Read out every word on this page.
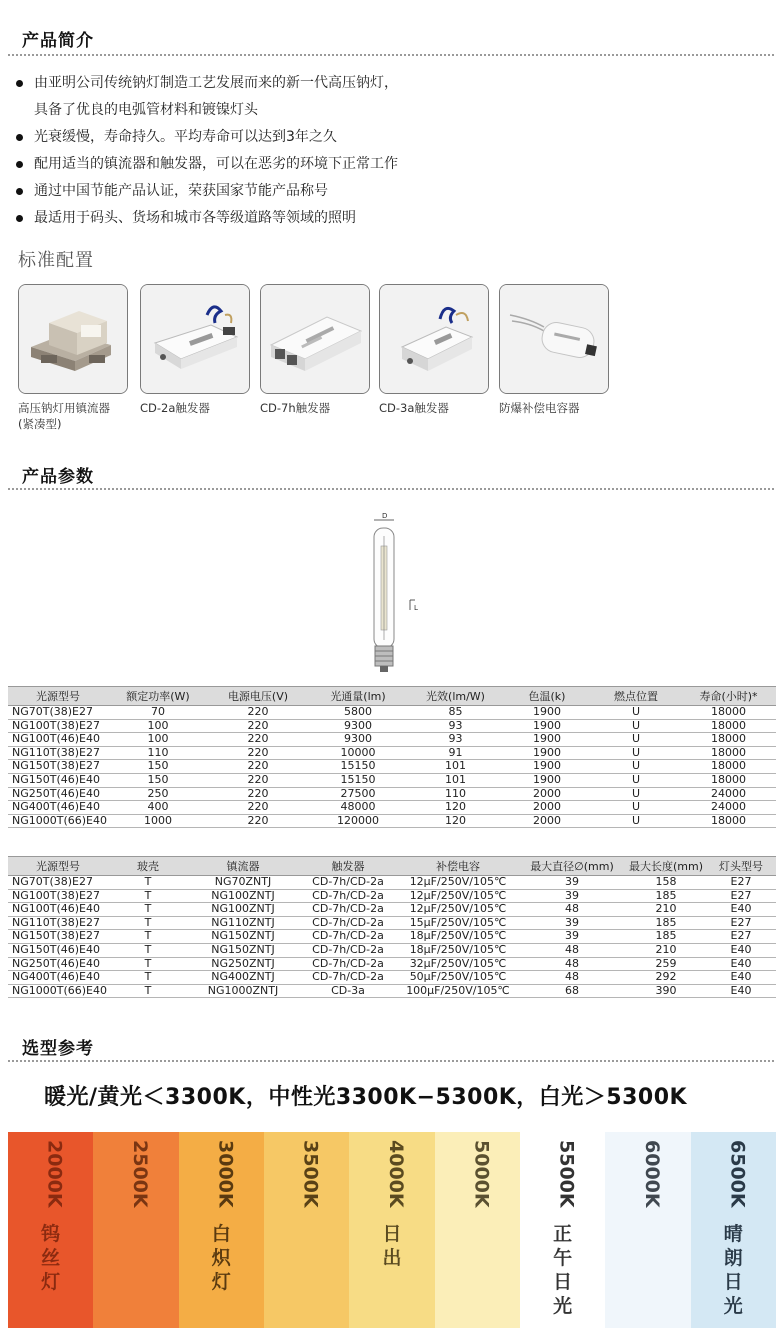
产品简介
由亚明公司传统钠灯制造工艺发展而来的新一代高压钠灯，
具备了优良的电弧管材料和镀镍灯头
光衰缓慢，寿命持久。平均寿命可以达到3年之久
配用适当的镇流器和触发器，可以在恶劣的环境下正常工作
通过中国节能产品认证，荣获国家节能产品称号
最适用于码头、货场和城市各等级道路等领域的照明
标准配置
高压钠灯用镇流器
(紧凑型)
CD-2a触发器	CD-7h触发器	CD-3a触发器	防爆补偿电容器
产品参数
D
L
光源型号	额定功率(W)	电源电压(V)	光通量(lm)	光效(lm/W)	色温(k)	燃点位置	寿命(小时)*
NG70T(38)E27	70	220	5800	85	1900	U	18000
NG100T(38)E27	100	220	9300	93	1900	U	18000
NG100T(46)E40	100	220	9300	93	1900	U	18000
NG110T(38)E27	110	220	10000	91	1900	U	18000
NG150T(38)E27	150	220	15150	101	1900	U	18000
NG150T(46)E40	150	220	15150	101	1900	U	18000
NG250T(46)E40	250	220	27500	110	2000	U	24000
NG400T(46)E40	400	220	48000	120	2000	U	24000
NG1000T(66)E40	1000	220	120000	120	2000	U	18000
光源型号	玻壳	镇流器	触发器	补偿电容	最大直径∅(mm)	最大长度(mm)	灯头型号
NG70T(38)E27	T	NG70ZNTJ	CD-7h/CD-2a	12μF/250V/105℃	39	158	E27
NG100T(38)E27	T	NG100ZNTJ	CD-7h/CD-2a	12μF/250V/105℃	39	185	E27
NG100T(46)E40	T	NG100ZNTJ	CD-7h/CD-2a	12μF/250V/105℃	48	210	E40
NG110T(38)E27	T	NG110ZNTJ	CD-7h/CD-2a	15μF/250V/105℃	39	185	E27
NG150T(38)E27	T	NG150ZNTJ	CD-7h/CD-2a	18μF/250V/105℃	39	185	E27
NG150T(46)E40	T	NG150ZNTJ	CD-7h/CD-2a	18μF/250V/105℃	48	210	E40
NG250T(46)E40	T	NG250ZNTJ	CD-7h/CD-2a	32μF/250V/105℃	48	259	E40
NG400T(46)E40	T	NG400ZNTJ	CD-7h/CD-2a	50μF/250V/105℃	48	292	E40
NG1000T(66)E40	T	NG1000ZNTJ	CD-3a	100μF/250V/105℃	68	390	E40
选型参考
暖光/黄光＜3300K，中性光3300K−5300K，白光＞5300K
2000K
钨丝灯
2500K	3000K
白炽灯
3500K	4000K
日出
5000K	5500K
正午日光
6000K	6500K
晴朗日光
